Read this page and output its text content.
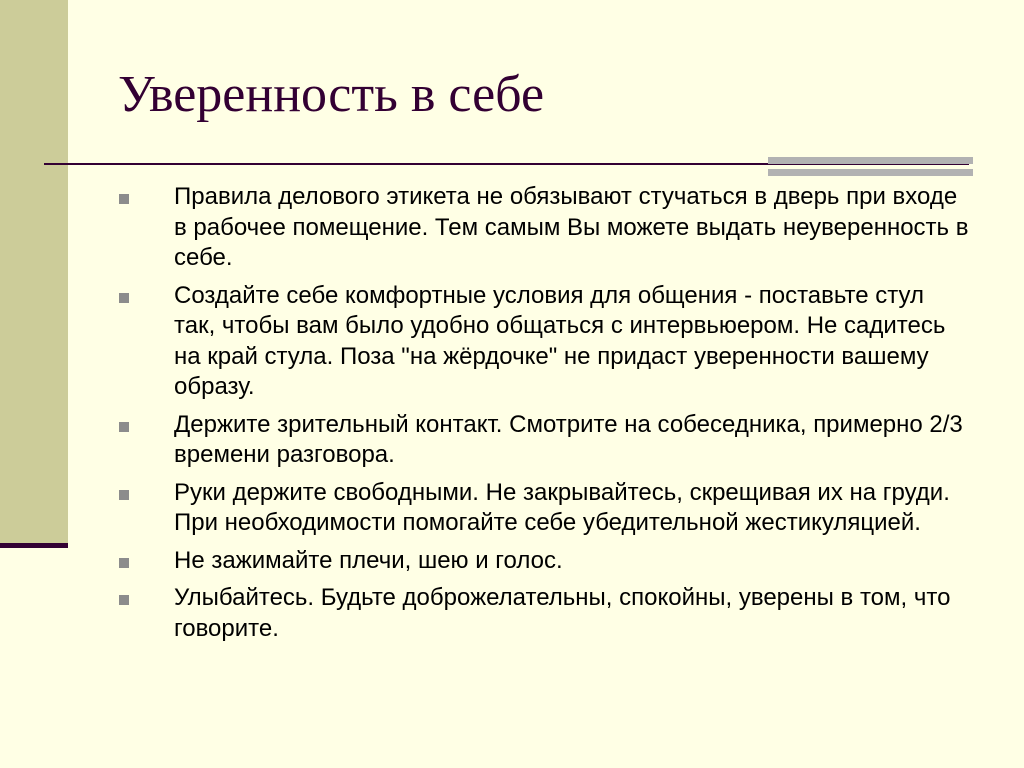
Уверенность в себе
Правила делового этикета не обязывают стучаться в дверь при входе в рабочее помещение. Тем самым Вы можете выдать неуверенность в себе.
Создайте себе комфортные условия для общения - поставьте стул так, чтобы вам было удобно общаться с интервьюером. Не садитесь на край стула. Поза "на жёрдочке" не придаст уверенности вашему образу.
Держите зрительный контакт. Смотрите на собеседника, примерно 2/3 времени разговора.
Руки держите свободными. Не закрывайтесь, скрещивая их на груди. При необходимости помогайте себе убедительной жестикуляцией.
Не зажимайте плечи, шею и голос.
Улыбайтесь. Будьте доброжелательны, спокойны, уверены в том, что говорите.
